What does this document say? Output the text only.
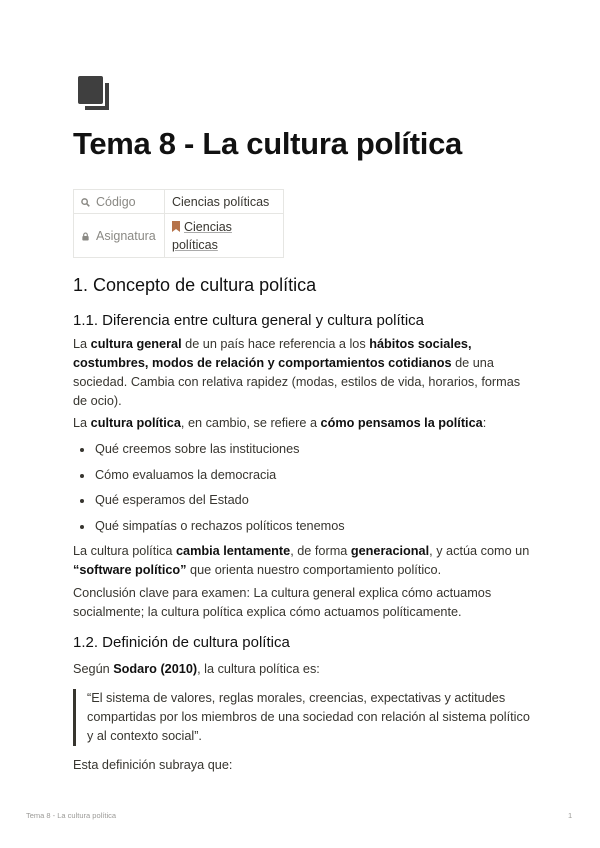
Tema 8 - La cultura política
Código	Ciencias políticas
Asignatura	Ciencias
políticas
1. Concepto de cultura política
1.1. Diferencia entre cultura general y cultura política

La cultura general de un país hace referencia a los hábitos sociales, costumbres, modos de relación y comportamientos cotidianos de una sociedad. Cambia con relativa rapidez (modas, estilos de vida, horarios, formas de ocio).

La cultura política, en cambio, se refiere a cómo pensamos la política:

Qué creemos sobre las instituciones
Cómo evaluamos la democracia
Qué esperamos del Estado
Qué simpatías o rechazos políticos tenemos

La cultura política cambia lentamente, de forma generacional, y actúa como un “software político” que orienta nuestro comportamiento político.

Conclusión clave para examen: La cultura general explica cómo actuamos socialmente; la cultura política explica cómo actuamos políticamente.

1.2. Definición de cultura política

Según Sodaro (2010), la cultura política es:

“El sistema de valores, reglas morales, creencias, expectativas y actitudes compartidas por los miembros de una sociedad con relación al sistema político y al contexto social”.

Esta definición subraya que:

Tema 8 - La cultura política	1
